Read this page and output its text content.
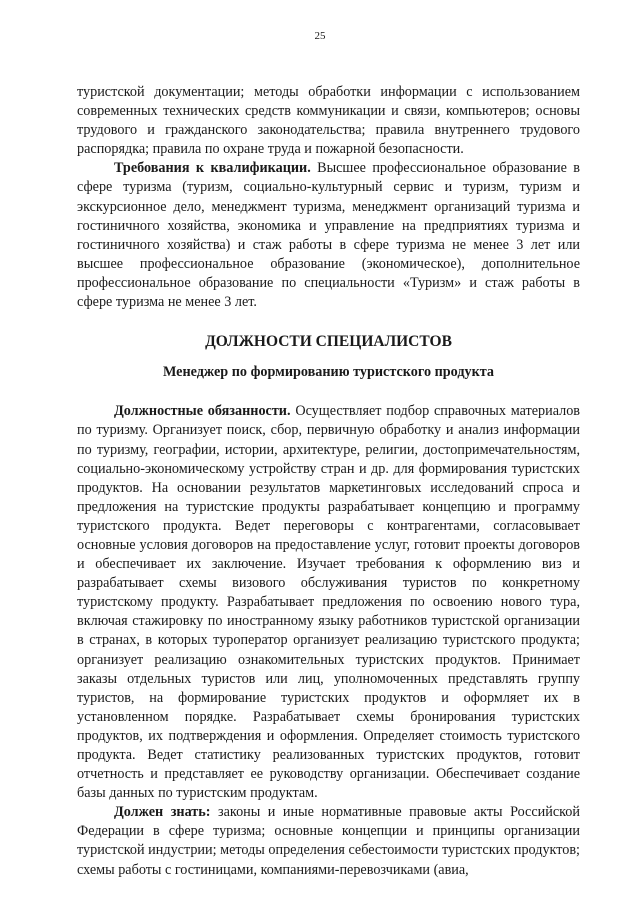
25

туристской документации; методы обработки информации с использованием современных технических средств коммуникации и связи, компьютеров; основы трудового и гражданского законодательства; правила внутреннего трудового распорядка; правила по охране труда и пожарной безопасности.

Требования к квалификации. Высшее профессиональное образование в сфере туризма (туризм, социально-культурный сервис и туризм, туризм и экскурсионное дело, менеджмент туризма, менеджмент организаций туризма и гостиничного хозяйства, экономика и управление на предприятиях туризма и гостиничного хозяйства) и стаж работы в сфере туризма не менее 3 лет или высшее профессиональное образование (экономическое), дополнительное профессиональное образование по специальности «Туризм» и стаж работы в сфере туризма не менее 3 лет.

ДОЛЖНОСТИ СПЕЦИАЛИСТОВ
Менеджер по формированию туристского продукта

Должностные обязанности. Осуществляет подбор справочных материалов по туризму. Организует поиск, сбор, первичную обработку и анализ информации по туризму, географии, истории, архитектуре, религии, достопримечательностям, социально-экономическому устройству стран и др. для формирования туристских продуктов. На основании результатов маркетинговых исследований спроса и предложения на туристские продукты разрабатывает концепцию и программу туристского продукта. Ведет переговоры с контрагентами, согласовывает основные условия договоров на предоставление услуг, готовит проекты договоров и обеспечивает их заключение. Изучает требования к оформлению виз и разрабатывает схемы визового обслуживания туристов по конкретному туристскому продукту. Разрабатывает предложения по освоению нового тура, включая стажировку по иностранному языку работников туристской организации в странах, в которых туроператор организует реализацию туристского продукта; организует реализацию ознакомительных туристских продуктов. Принимает заказы отдельных туристов или лиц, уполномоченных представлять группу туристов, на формирование туристских продуктов и оформляет их в установленном порядке. Разрабатывает схемы бронирования туристских продуктов, их подтверждения и оформления. Определяет стоимость туристского продукта. Ведет статистику реализованных туристских продуктов, готовит отчетность и представляет ее руководству организации. Обеспечивает создание базы данных по туристским продуктам.

Должен знать: законы и иные нормативные правовые акты Российской Федерации в сфере туризма; основные концепции и принципы организации туристской индустрии; методы определения себестоимости туристских продуктов; схемы работы с гостиницами, компаниями-перевозчиками (авиа,
